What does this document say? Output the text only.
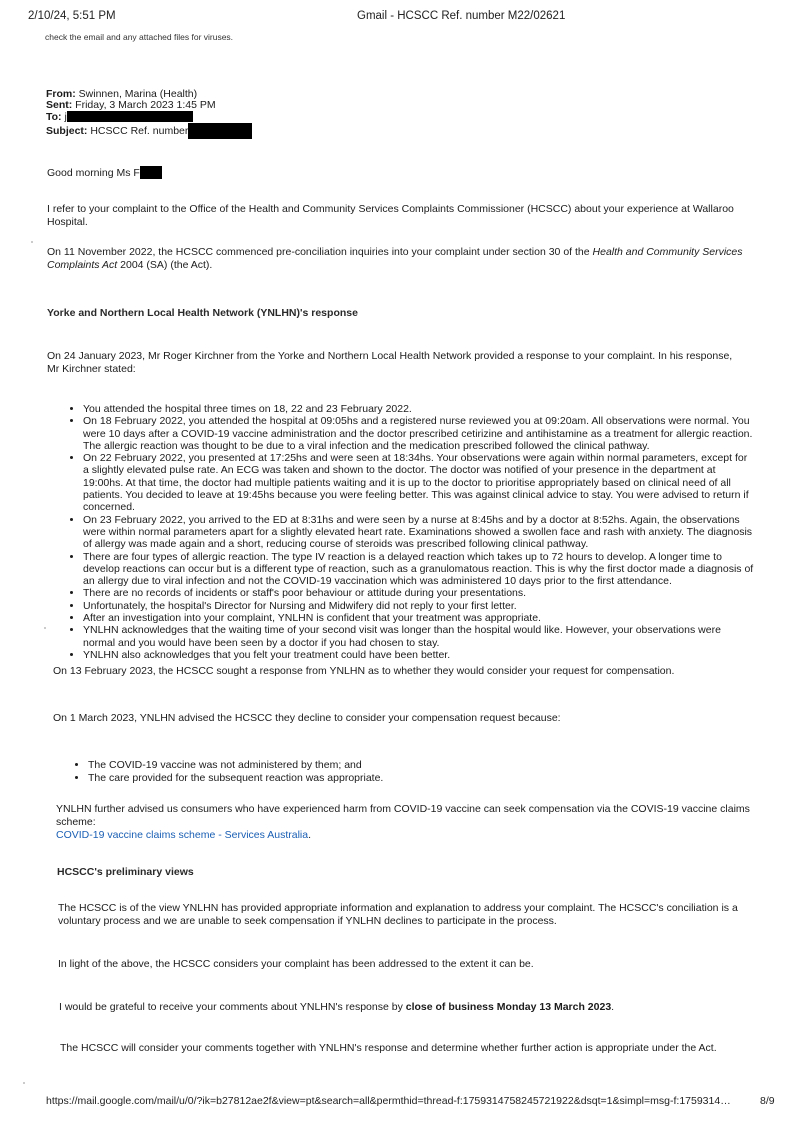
2/10/24, 5:51 PM	Gmail - HCSCC Ref. number M22/02621
check the email and any attached files for viruses.
From: Swinnen, Marina (Health)
Sent: Friday, 3 March 2023 1:45 PM
To: j
Subject: HCSCC Ref. number
Good morning Ms F
I refer to your complaint to the Office of the Health and Community Services Complaints Commissioner (HCSCC) about your experience at Wallaroo Hospital.
On 11 November 2022, the HCSCC commenced pre-conciliation inquiries into your complaint under section 30 of the Health and Community Services Complaints Act 2004 (SA) (the Act).
Yorke and Northern Local Health Network (YNLHN)'s response
On 24 January 2023, Mr Roger Kirchner from the Yorke and Northern Local Health Network provided a response to your complaint. In his response, Mr Kirchner stated:
• You attended the hospital three times on 18, 22 and 23 February 2022.
• On 18 February 2022, you attended the hospital at 09:05hs and a registered nurse reviewed you at 09:20am. All observations were normal. You were 10 days after a COVID-19 vaccine administration and the doctor prescribed cetirizine and antihistamine as a treatment for allergic reaction. The allergic reaction was thought to be due to a viral infection and the medication prescribed followed the clinical pathway.
• On 22 February 2022, you presented at 17:25hs and were seen at 18:34hs. Your observations were again within normal parameters, except for a slightly elevated pulse rate. An ECG was taken and shown to the doctor. The doctor was notified of your presence in the department at 19:00hs. At that time, the doctor had multiple patients waiting and it is up to the doctor to prioritise appropriately based on clinical need of all patients. You decided to leave at 19:45hs because you were feeling better. This was against clinical advice to stay. You were advised to return if concerned.
• On 23 February 2022, you arrived to the ED at 8:31hs and were seen by a nurse at 8:45hs and by a doctor at 8:52hs. Again, the observations were within normal parameters apart for a slightly elevated heart rate. Examinations showed a swollen face and rash with anxiety. The diagnosis of allergy was made again and a short, reducing course of steroids was prescribed following clinical pathway.
• There are four types of allergic reaction. The type IV reaction is a delayed reaction which takes up to 72 hours to develop. A longer time to develop reactions can occur but is a different type of reaction, such as a granulomatous reaction. This is why the first doctor made a diagnosis of an allergy due to viral infection and not the COVID-19 vaccination which was administered 10 days prior to the first attendance.
• There are no records of incidents or staff's poor behaviour or attitude during your presentations.
• Unfortunately, the hospital's Director for Nursing and Midwifery did not reply to your first letter.
• After an investigation into your complaint, YNLHN is confident that your treatment was appropriate.
• YNLHN acknowledges that the waiting time of your second visit was longer than the hospital would like. However, your observations were normal and you would have been seen by a doctor if you had chosen to stay.
• YNLHN also acknowledges that you felt your treatment could have been better.
On 13 February 2023, the HCSCC sought a response from YNLHN as to whether they would consider your request for compensation.
On 1 March 2023, YNLHN advised the HCSCC they decline to consider your compensation request because:
• The COVID-19 vaccine was not administered by them; and
• The care provided for the subsequent reaction was appropriate.
YNLHN further advised us consumers who have experienced harm from COVID-19 vaccine can seek compensation via the COVIS-19 vaccine claims scheme:
COVID-19 vaccine claims scheme - Services Australia.
HCSCC's preliminary views
The HCSCC is of the view YNLHN has provided appropriate information and explanation to address your complaint. The HCSCC's conciliation is a voluntary process and we are unable to seek compensation if YNLHN declines to participate in the process.
In light of the above, the HCSCC considers your complaint has been addressed to the extent it can be.
I would be grateful to receive your comments about YNLHN's response by close of business Monday 13 March 2023.
The HCSCC will consider your comments together with YNLHN's response and determine whether further action is appropriate under the Act.
https://mail.google.com/mail/u/0/?ik=b27812ae2f&view=pt&search=all&permthid=thread-f:1759314758245721922&dsqt=1&simpl=msg-f:1759314…	8/9
